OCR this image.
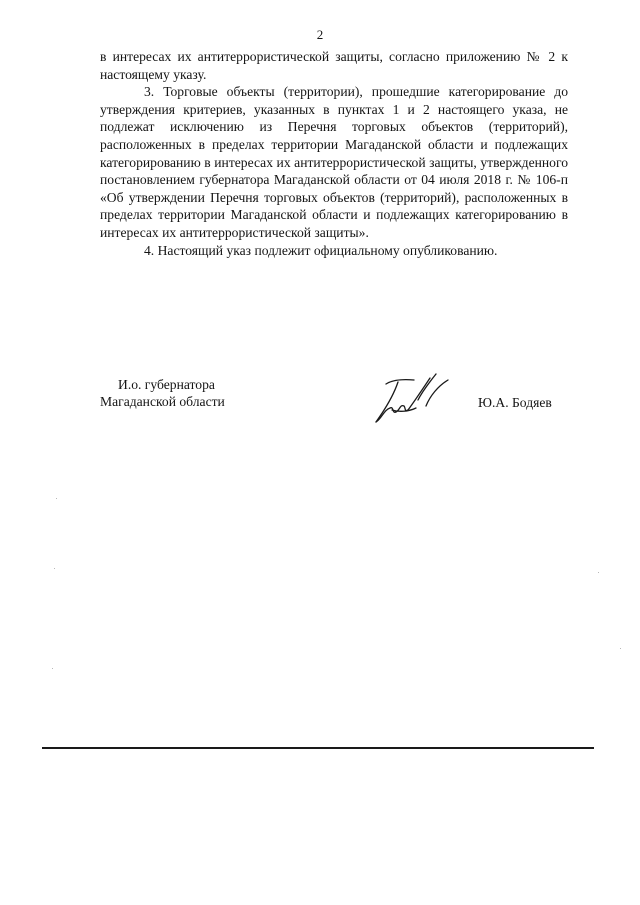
2

в интересах их антитеррористической защиты, согласно приложению № 2 к настоящему указу.

3. Торговые объекты (территории), прошедшие категорирование до утверждения критериев, указанных в пунктах 1 и 2 настоящего указа, не подлежат исключению из Перечня торговых объектов (территорий), расположенных в пределах территории Магаданской области и подлежащих категорированию в интересах их антитеррористической защиты, утвержденного постановлением губернатора Магаданской области от 04 июля 2018 г. № 106-п «Об утверждении Перечня торговых объектов (территорий), расположенных в пределах территории Магаданской области и подлежащих категорированию в интересах их антитеррористической защиты».

4. Настоящий указ подлежит официальному опубликованию.

И.о. губернатора
Магаданской области	Ю.А. Бодяев
